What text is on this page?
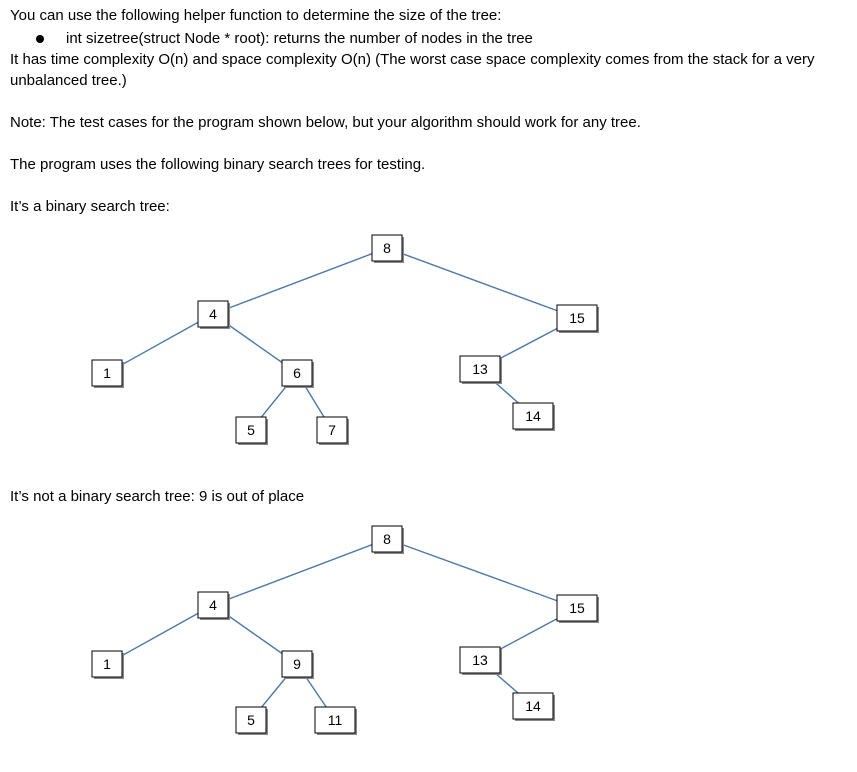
You can use the following helper function to determine the size of the tree:
int sizetree(struct Node * root): returns the number of nodes in the tree
It has time complexity O(n) and space complexity O(n) (The worst case space complexity comes from the stack for a very
unbalanced tree.)
Note: The test cases for the program shown below, but your algorithm should work for any tree.
The program uses the following binary search trees for testing.
It’s a binary search tree:
8
4	15
1	6	13
5	7
14
It’s not a binary search tree: 9 is out of place
8
4	15
1	9	13
5	11
14
